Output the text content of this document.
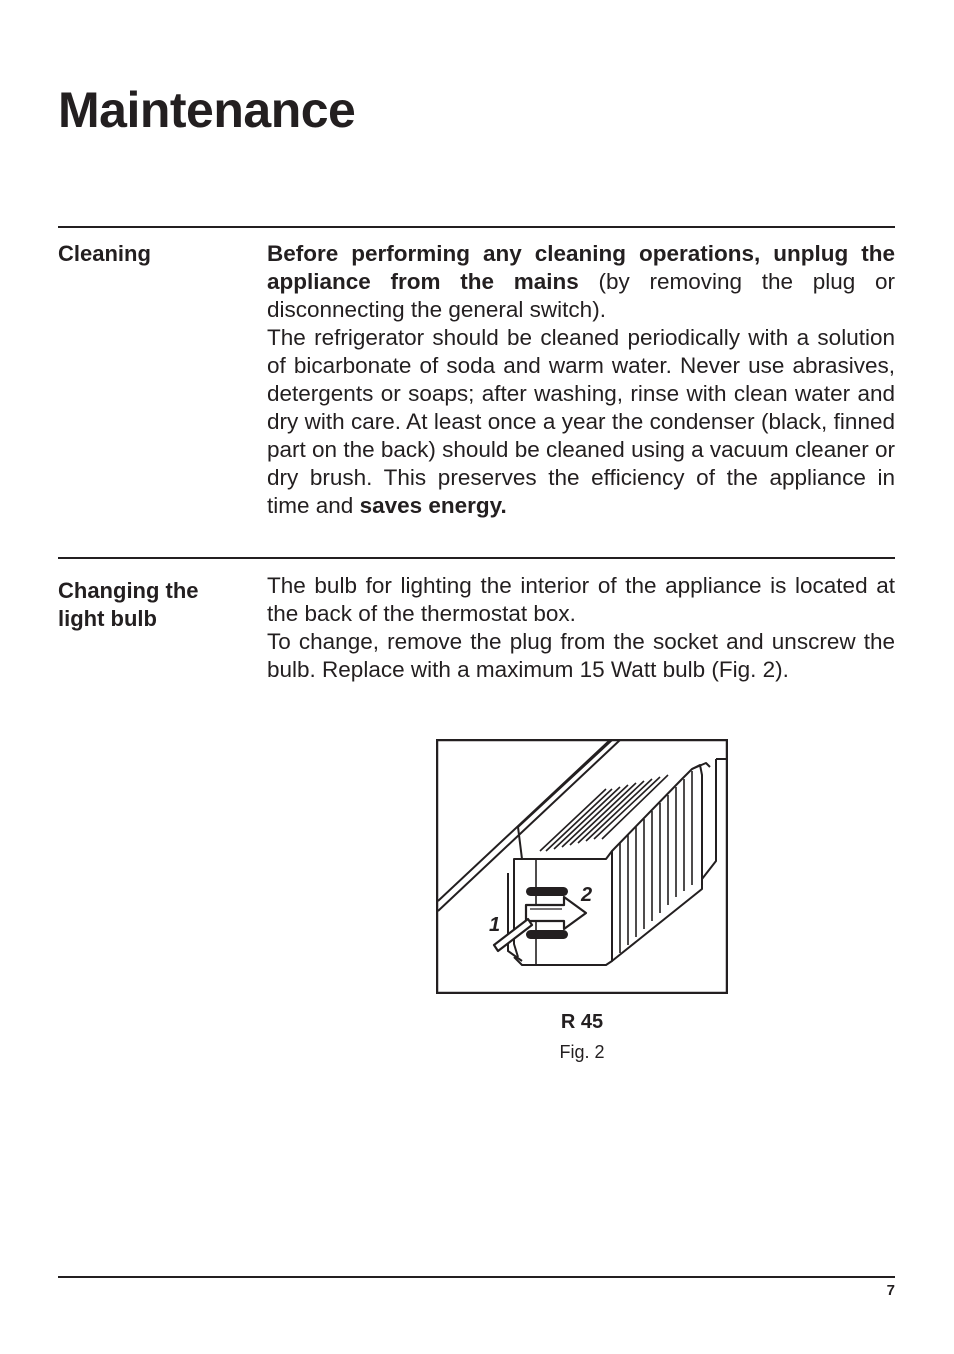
Maintenance
Cleaning	Before performing any cleaning operations, unplug the appliance from the mains (by removing the plug or disconnecting the general switch).

The refrigerator should be cleaned periodically with a solution of bicarbonate of soda and warm water. Never use abrasives, detergents or soaps; after washing, rinse with clean water and dry with care. At least once a year the condenser (black, finned part on the back) should be cleaned using a vacuum cleaner or dry brush. This preserves the efficiency of the appliance in time and saves energy.

Changing the
light bulb

The bulb for lighting the interior of the appliance is located at the back of the thermostat box.

To change, remove the plug from the socket and unscrew the bulb. Replace with a maximum 15 Watt bulb (Fig. 2).

1
2

R 45

Fig. 2

7
